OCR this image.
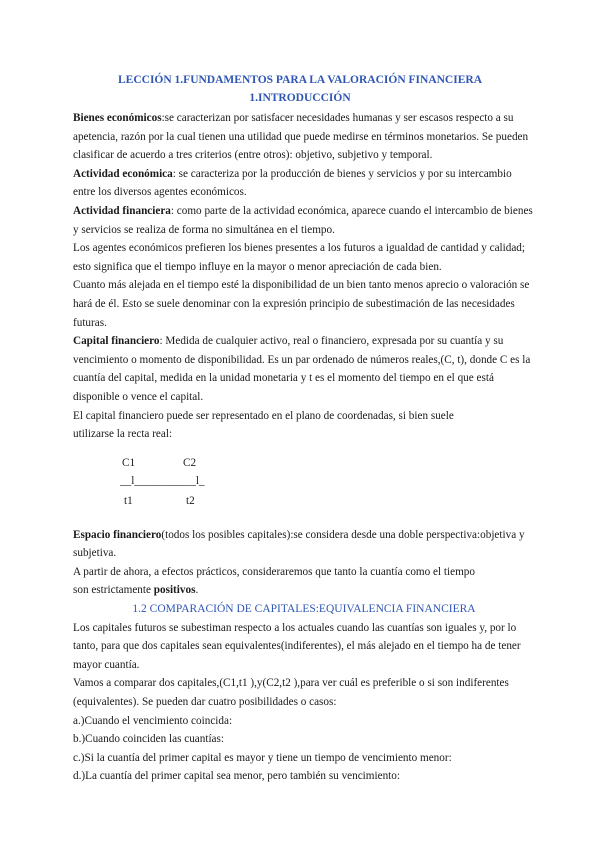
LECCIÓN 1.FUNDAMENTOS PARA LA VALORACIÓN FINANCIERA
1.INTRODUCCIÓN

Bienes económicos:se caracterizan por satisfacer necesidades humanas y ser escasos respecto a su apetencia, razón por la cual tienen una utilidad que puede medirse en términos monetarios. Se pueden clasificar de acuerdo a tres criterios (entre otros): objetivo, subjetivo y temporal.

Actividad económica: se caracteriza por la producción de bienes y servicios y por su intercambio entre los diversos agentes económicos.

Actividad financiera: como parte de la actividad económica, aparece cuando el intercambio de bienes y servicios se realiza de forma no simultánea en el tiempo.

Los agentes económicos prefieren los bienes presentes a los futuros a igualdad de cantidad y calidad; esto significa que el tiempo influye en la mayor o menor apreciación de cada bien.

Cuanto más alejada en el tiempo esté la disponibilidad de un bien tanto menos aprecio o valoración se hará de él. Esto se suele denominar con la expresión principio de subestimación de las necesidades futuras.

Capital financiero: Medida de cualquier activo, real o financiero, expresada por su cuantía y su vencimiento o momento de disponibilidad. Es un par ordenado de números reales,(C, t), donde C es la cuantía del capital, medida en la unidad monetaria y t es el momento del tiempo en el que está disponible o vence el capital.

El capital financiero puede ser representado en el plano de coordenadas, si bien suele

utilizarse la recta real:

C1	C2
__l___________l_
t1	t2

Espacio financiero(todos los posibles capitales):se considera desde una doble perspectiva:objetiva y subjetiva.

A partir de ahora, a efectos prácticos, consideraremos que tanto la cuantía como el tiempo

son estrictamente positivos.

1.2 COMPARACIÓN DE CAPITALES:EQUIVALENCIA FINANCIERA

Los capitales futuros se subestiman respecto a los actuales cuando las cuantías son iguales y, por lo tanto, para que dos capitales sean equivalentes(indiferentes), el más alejado en el tiempo ha de tener mayor cuantía.

Vamos a comparar dos capitales,(C1,t1 ),y(C2,t2 ),para ver cuál es preferible o si son indiferentes (equivalentes). Se pueden dar cuatro posibilidades o casos:

a.)Cuando el vencimiento coincida:

b.)Cuando coinciden las cuantías:

c.)Si la cuantía del primer capital es mayor y tiene un tiempo de vencimiento menor:

d.)La cuantía del primer capital sea menor, pero también su vencimiento:
